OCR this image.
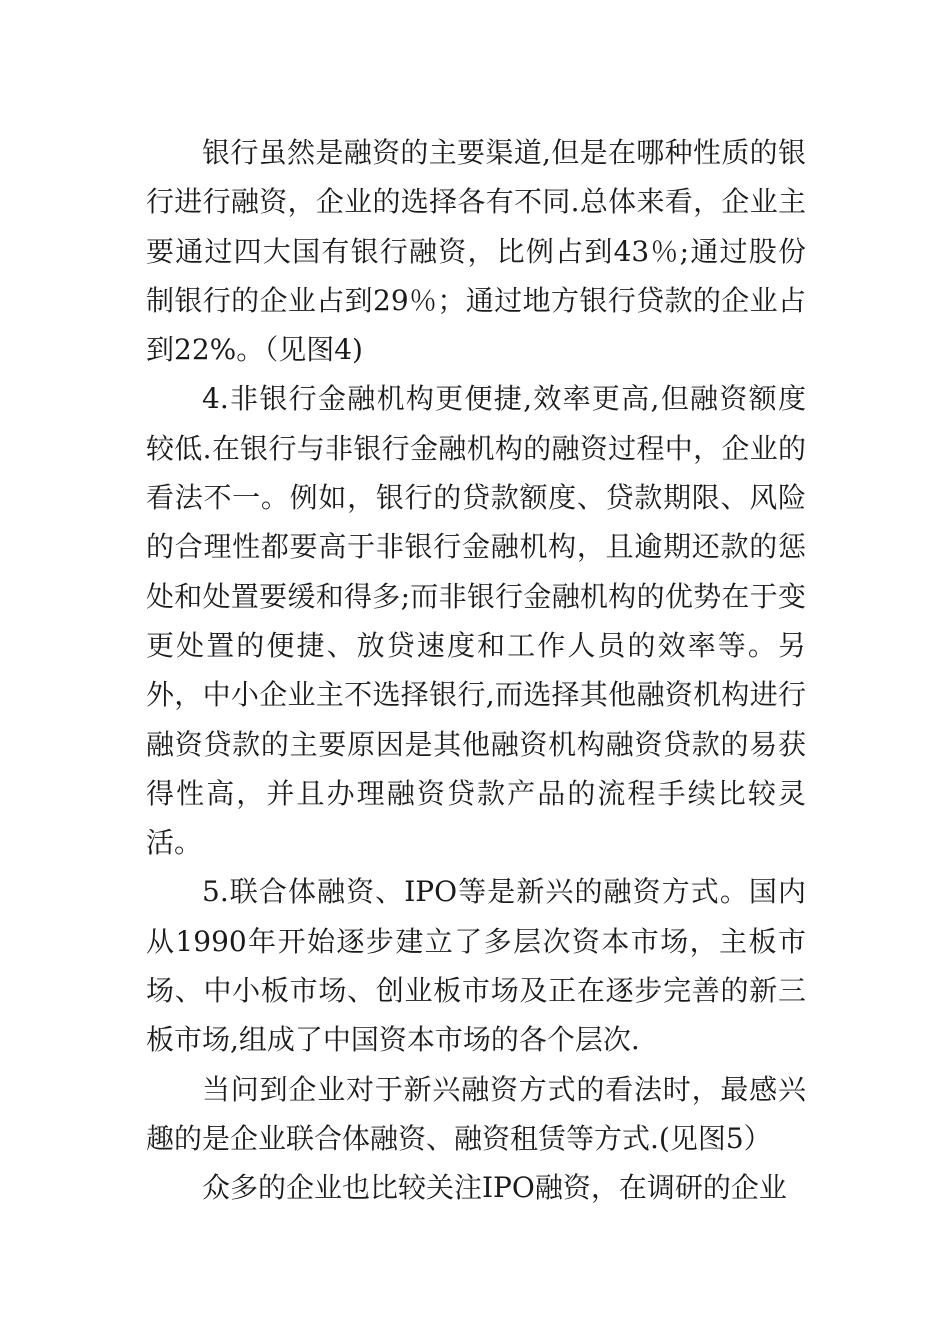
银行虽然是融资的主要渠道,但是在哪种性质的银行进行融资，企业的选择各有不同.总体来看，企业主要通过四大国有银行融资，比例占到43％;通过股份制银行的企业占到29％；通过地方银行贷款的企业占到22%。（见图4)

4.非银行金融机构更便捷,效率更高,但融资额度较低.在银行与非银行金融机构的融资过程中，企业的看法不一。例如，银行的贷款额度、贷款期限、风险的合理性都要高于非银行金融机构，且逾期还款的惩处和处置要缓和得多;而非银行金融机构的优势在于变更处置的便捷、放贷速度和工作人员的效率等。另外，中小企业主不选择银行,而选择其他融资机构进行融资贷款的主要原因是其他融资机构融资贷款的易获得性高，并且办理融资贷款产品的流程手续比较灵活。

5.联合体融资、IPO等是新兴的融资方式。国内从1990年开始逐步建立了多层次资本市场，主板市场、中小板市场、创业板市场及正在逐步完善的新三板市场,组成了中国资本市场的各个层次.

当问到企业对于新兴融资方式的看法时，最感兴趣的是企业联合体融资、融资租赁等方式.(见图5）

众多的企业也比较关注IPO融资，在调研的企业
